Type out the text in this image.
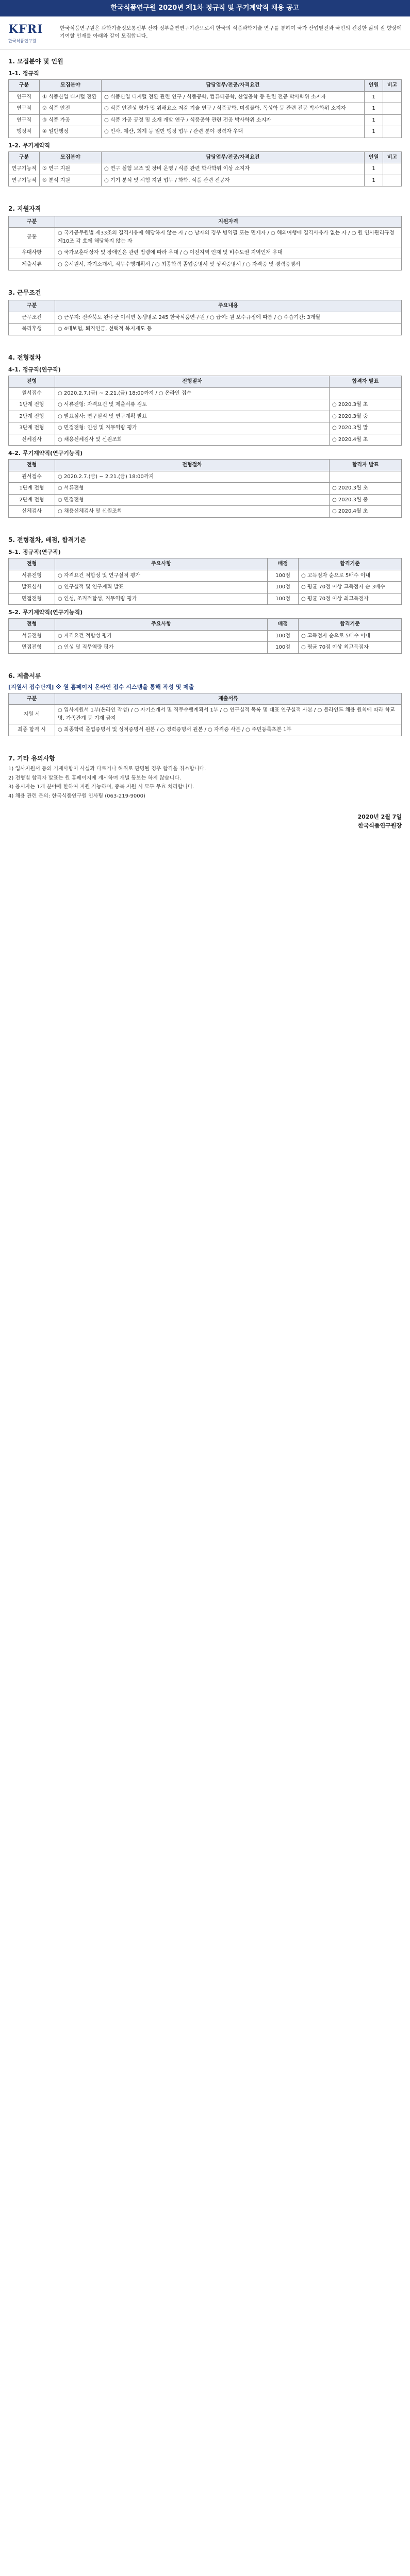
한국식품연구원 2020년 제1차 정규직 및 무기계약직 채용 공고
KFRI
한국식품연구원
한국식품연구원은 과학기술정보통신부 산하 정부출연연구기관으로서 한국의 식품과학기술 연구를 통하여 국가 산업발전과 국민의 건강한 삶의 질 향상에 기여할 인재를 아래와 같이 모집합니다.
1. 모집분야 및 인원
1-1. 정규직
구분	모집분야	담당업무/전공/자격요건	인원	비고
연구직	① 식품산업 디지털 전환	○ 식품산업 디지털 전환 관련 연구 / 식품공학, 컴퓨터공학, 산업공학 등 관련 전공 박사학위 소지자	1	
연구직	② 식품 안전	○ 식품 안전성 평가 및 위해요소 저감 기술 연구 / 식품공학, 미생물학, 독성학 등 관련 전공 박사학위 소지자	1	
연구직	③ 식품 가공	○ 식품 가공 공정 및 소재 개발 연구 / 식품공학 관련 전공 박사학위 소지자	1	
행정직	④ 일반행정	○ 인사, 예산, 회계 등 일반 행정 업무 / 관련 분야 경력자 우대	1	
1-2. 무기계약직
구분	모집분야	담당업무/전공/자격요건	인원	비고
연구기능직	⑤ 연구 지원	○ 연구 실험 보조 및 장비 운영 / 식품 관련 학사학위 이상 소지자	1	
연구기능직	⑥ 분석 지원	○ 기기 분석 및 시험 지원 업무 / 화학, 식품 관련 전공자	1	
2. 지원자격
구분	지원자격
공통	○ 국가공무원법 제33조의 결격사유에 해당하지 않는 자 / ○ 남자의 경우 병역필 또는 면제자 / ○ 해외여행에 결격사유가 없는 자 / ○ 원 인사관리규정 제10조 각 호에 해당하지 않는 자
우대사항	○ 국가보훈대상자 및 장애인은 관련 법령에 따라 우대 / ○ 이전지역 인재 및 비수도권 지역인재 우대
제출서류	○ 응시원서, 자기소개서, 직무수행계획서 / ○ 최종학력 졸업증명서 및 성적증명서 / ○ 자격증 및 경력증명서
3. 근무조건
구분	주요내용
근무조건	○ 근무지: 전라북도 완주군 이서면 농생명로 245 한국식품연구원 / ○ 급여: 원 보수규정에 따름 / ○ 수습기간: 3개월
복리후생	○ 4대보험, 퇴직연금, 선택적 복지제도 등
4. 전형절차
4-1. 정규직(연구직)
전형	전형절차	합격자 발표
원서접수	○ 2020.2.7.(금) ~ 2.21.(금) 18:00까지 / ○ 온라인 접수	
1단계 전형	○ 서류전형: 자격요건 및 제출서류 검토	○ 2020.3월 초
2단계 전형	○ 발표심사: 연구실적 및 연구계획 발표	○ 2020.3월 중
3단계 전형	○ 면접전형: 인성 및 직무역량 평가	○ 2020.3월 말
신체검사	○ 채용신체검사 및 신원조회	○ 2020.4월 초
4-2. 무기계약직(연구기능직)
전형	전형절차	합격자 발표
원서접수	○ 2020.2.7.(금) ~ 2.21.(금) 18:00까지	
1단계 전형	○ 서류전형	○ 2020.3월 초
2단계 전형	○ 면접전형	○ 2020.3월 중
신체검사	○ 채용신체검사 및 신원조회	○ 2020.4월 초
5. 전형절차, 배점, 합격기준
5-1. 정규직(연구직)
전형	주요사항	배점	합격기준
서류전형	○ 자격요건 적합성 및 연구실적 평가	100점	○ 고득점자 순으로 5배수 이내
발표심사	○ 연구실적 및 연구계획 발표	100점	○ 평균 70점 이상 고득점자 순 3배수
면접전형	○ 인성, 조직적합성, 직무역량 평가	100점	○ 평균 70점 이상 최고득점자
5-2. 무기계약직(연구기능직)
전형	주요사항	배점	합격기준
서류전형	○ 자격요건 적합성 평가	100점	○ 고득점자 순으로 5배수 이내
면접전형	○ 인성 및 직무역량 평가	100점	○ 평균 70점 이상 최고득점자
6. 제출서류
[지원서 접수단계] ※ 원 홈페이지 온라인 접수 시스템을 통해 작성 및 제출
구분	제출서류
지원 시	○ 입사지원서 1부(온라인 작성) / ○ 자기소개서 및 직무수행계획서 1부 / ○ 연구실적 목록 및 대표 연구실적 사본 / ○ 블라인드 채용 원칙에 따라 학교명, 가족관계 등 기재 금지
최종 합격 시	○ 최종학력 졸업증명서 및 성적증명서 원본 / ○ 경력증명서 원본 / ○ 자격증 사본 / ○ 주민등록초본 1부
7. 기타 유의사항
1) 입사지원서 등의 기재사항이 사실과 다르거나 허위로 판명될 경우 합격을 취소합니다.
2) 전형별 합격자 발표는 원 홈페이지에 게시하며 개별 통보는 하지 않습니다.
3) 응시자는 1개 분야에 한하여 지원 가능하며, 중복 지원 시 모두 무효 처리합니다.
4) 채용 관련 문의: 한국식품연구원 인사팀 (063-219-9000)
2020년 2월 7일
한국식품연구원장
